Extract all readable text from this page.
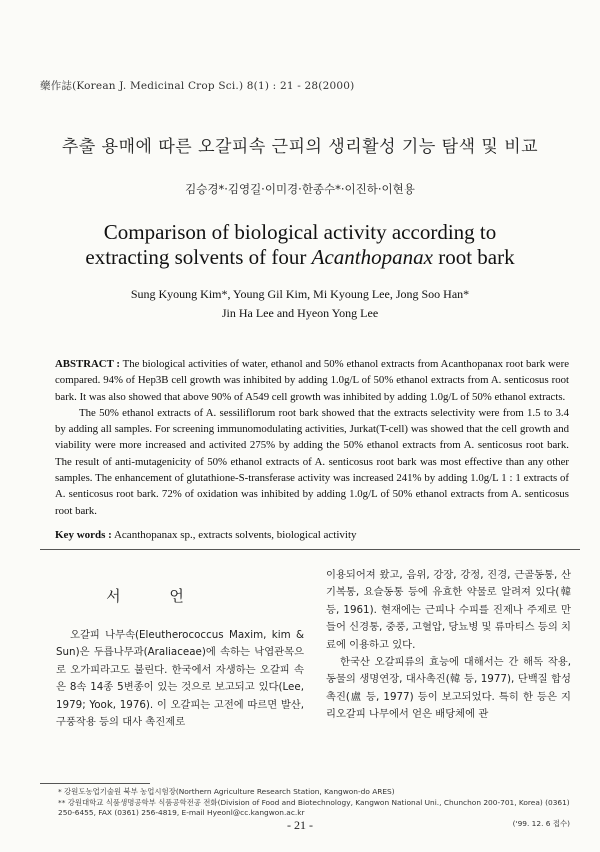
藥作誌(Korean J. Medicinal Crop Sci.) 8(1) : 21 - 28(2000)
추출 용매에 따른 오갈피속 근피의 생리활성 기능 탐색 및 비교
김승경*·김영길·이미경·한종수*·이진하·이현용
Comparison of biological activity according to
extracting solvents of four Acanthopanax root bark
Sung Kyoung Kim*, Young Gil Kim, Mi Kyoung Lee, Jong Soo Han*
Jin Ha Lee and Hyeon Yong Lee

ABSTRACT : The biological activities of water, ethanol and 50% ethanol extracts from Acanthopanax root bark were compared. 94% of Hep3B cell growth was inhibited by adding 1.0g/L of 50% ethanol extracts from A. senticosus root bark. It was also showed that above 90% of A549 cell growth was inhibited by adding 1.0g/L of 50% ethanol extracts.

The 50% ethanol extracts of A. sessiliflorum root bark showed that the extracts selectivity were from 1.5 to 3.4 by adding all samples. For screening immunomodulating activities, Jurkat(T-cell) was showed that the cell growth and viability were more increased and activited 275% by adding the 50% ethanol extracts from A. senticosus root bark. The result of anti-mutagenicity of 50% ethanol extracts of A. senticosus root bark was most effective than any other samples. The enhancement of glutathione-S-transferase activity was increased 241% by adding 1.0g/L 1 : 1 extracts of A. senticosus root bark. 72% of oxidation was inhibited by adding 1.0g/L of 50% ethanol extracts from A. senticosus root bark.

Key words : Acanthopanax sp., extracts solvents, biological activity
서 언

오갈피 나무속(Eleutherococcus Maxim, kim & Sun)은 두릅나무과(Araliaceae)에 속하는 낙엽관목으로 오가피라고도 불린다. 한국에서 자생하는 오갈피 속은 8속 14종 5변종이 있는 것으로 보고되고 있다(Lee, 1979; Yook, 1976). 이 오갈피는 고전에 따르면 발산, 구풍작용 등의 대사 촉진제로

이용되어져 왔고, 음위, 강장, 강정, 진경, 근골동통, 산기복통, 요슬동통 등에 유효한 약물로 알려져 있다(韓 등, 1961). 현재에는 근피나 수피를 진제나 주제로 만들어 신경통, 중풍, 고혈압, 당뇨병 및 류마티스 등의 치료에 이용하고 있다.

한국산 오갈피류의 효능에 대해서는 간 해독 작용, 동물의 생명연장, 대사촉진(韓 등, 1977), 단백질 합성촉진(盧 등, 1977) 등이 보고되었다. 특히 한 등은 지리오갈피 나무에서 얻은 배당체에 관

* 강원도농업기술원 북부 농업시험장(Northern Agriculture Research Station, Kangwon-do ARES)

** 강원대학교 식품생명공학부 식품공학전공 전화(Division of Food and Biotechnology, Kangwon National Uni., Chunchon 200-701, Korea) (0361) 250-6455, FAX (0361) 256-4819, E-mail Hyeonl@cc.kangwon.ac.kr

('99. 12. 6 접수)

- 21 -
